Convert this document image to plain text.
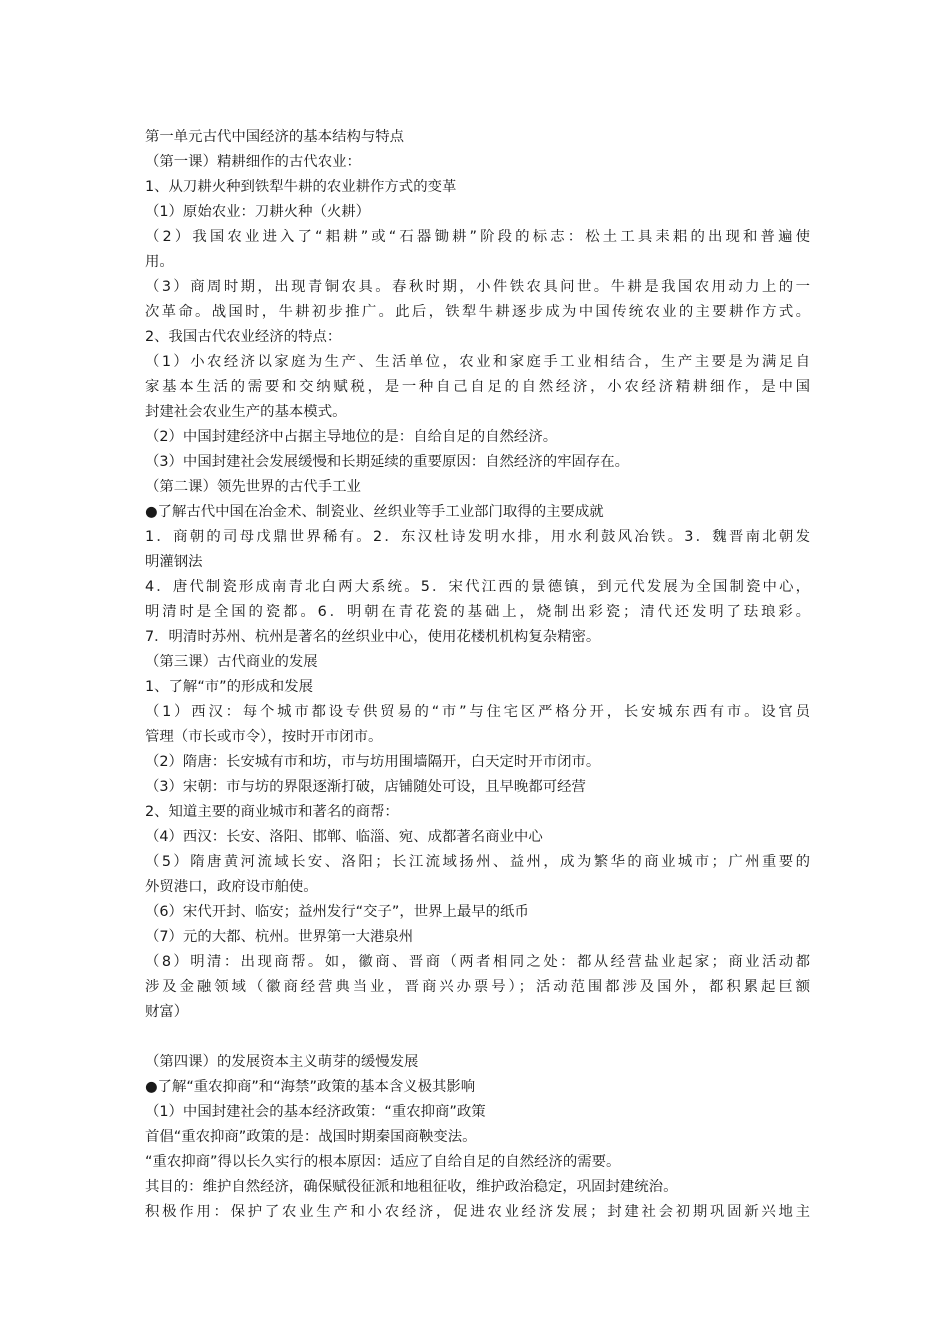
第一单元古代中国经济的基本结构与特点

（第一课）精耕细作的古代农业：

1、从刀耕火种到铁犁牛耕的农业耕作方式的变革

（1）原始农业：刀耕火种（火耕）

（2）我国农业进入了“耜耕”或“石器锄耕”阶段的标志：松土工具耒耜的出现和普遍使

用。

（3）商周时期，出现青铜农具。春秋时期，小件铁农具问世。牛耕是我国农用动力上的一

次革命。战国时，牛耕初步推广。此后，铁犁牛耕逐步成为中国传统农业的主要耕作方式。

2、我国古代农业经济的特点：

（1）小农经济以家庭为生产、生活单位，农业和家庭手工业相结合，生产主要是为满足自

家基本生活的需要和交纳赋税，是一种自己自足的自然经济，小农经济精耕细作，是中国

封建社会农业生产的基本模式。

（2）中国封建经济中占据主导地位的是：自给自足的自然经济。

（3）中国封建社会发展缓慢和长期延续的重要原因：自然经济的牢固存在。

（第二课）领先世界的古代手工业

●了解古代中国在冶金术、制瓷业、丝织业等手工业部门取得的主要成就

1．商朝的司母戊鼎世界稀有。2．东汉杜诗发明水排，用水利鼓风冶铁。3．魏晋南北朝发

明灌钢法

4．唐代制瓷形成南青北白两大系统。5．宋代江西的景德镇，到元代发展为全国制瓷中心，

明清时是全国的瓷都。6．明朝在青花瓷的基础上，烧制出彩瓷；清代还发明了珐琅彩。

7．明清时苏州、杭州是著名的丝织业中心，使用花楼机机构复杂精密。

（第三课）古代商业的发展

1、了解“市”的形成和发展

（1）西汉：每个城市都设专供贸易的“市”与住宅区严格分开，长安城东西有市。设官员

管理（市长或市令），按时开市闭市。

（2）隋唐：长安城有市和坊，市与坊用围墙隔开，白天定时开市闭市。

（3）宋朝：市与坊的界限逐渐打破，店铺随处可设，且早晚都可经营

2、知道主要的商业城市和著名的商帮：

（4）西汉：长安、洛阳、邯郸、临淄、宛、成都著名商业中心

（5）隋唐黄河流域长安、洛阳；长江流域扬州、益州，成为繁华的商业城市；广州重要的

外贸港口，政府设市舶使。

（6）宋代开封、临安；益州发行“交子”，世界上最早的纸币

（7）元的大都、杭州。世界第一大港泉州

（8）明清：出现商帮。如，徽商、晋商（两者相同之处：都从经营盐业起家；商业活动都

涉及金融领域（徽商经营典当业，晋商兴办票号）；活动范围都涉及国外，都积累起巨额

财富）

（第四课）的发展资本主义萌芽的缓慢发展

●了解“重农抑商”和“海禁”政策的基本含义极其影响

（1）中国封建社会的基本经济政策：“重农抑商”政策

首倡“重农抑商”政策的是：战国时期秦国商鞅变法。

“重农抑商”得以长久实行的根本原因：适应了自给自足的自然经济的需要。

其目的：维护自然经济，确保赋役征派和地租征收，维护政治稳定，巩固封建统治。

积极作用：保护了农业生产和小农经济，促进农业经济发展；封建社会初期巩固新兴地主
